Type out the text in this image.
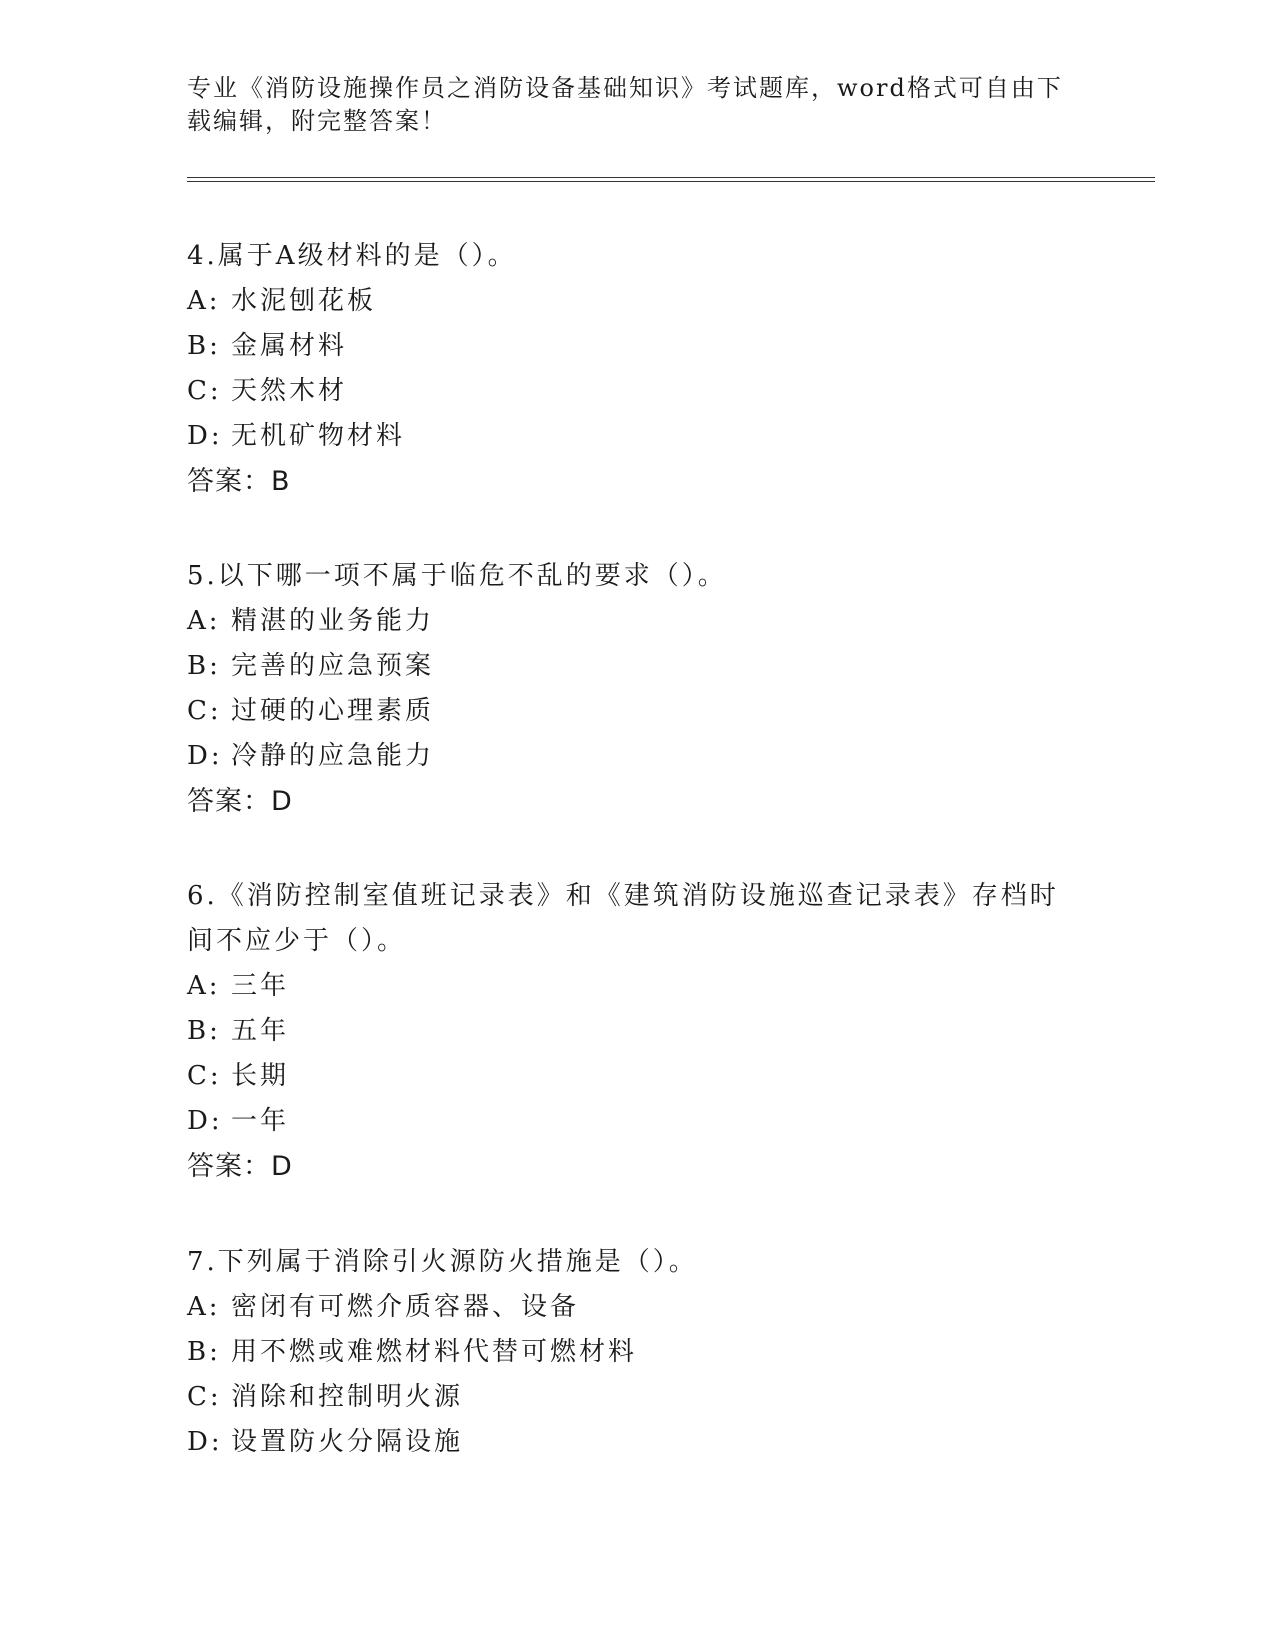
专业《消防设施操作员之消防设备基础知识》考试题库，word格式可自由下载编辑，附完整答案！

4.属于A级材料的是（）。

A: 水泥刨花板

B: 金属材料

C: 天然木材

D: 无机矿物材料

答案：B

5.以下哪一项不属于临危不乱的要求（）。

A: 精湛的业务能力

B: 完善的应急预案

C: 过硬的心理素质

D: 冷静的应急能力

答案：D

6.《消防控制室值班记录表》和《建筑消防设施巡查记录表》存档时间不应少于（）。

A: 三年

B: 五年

C: 长期

D: 一年

答案：D

7.下列属于消除引火源防火措施是（）。

A: 密闭有可燃介质容器、设备

B: 用不燃或难燃材料代替可燃材料

C: 消除和控制明火源

D: 设置防火分隔设施
